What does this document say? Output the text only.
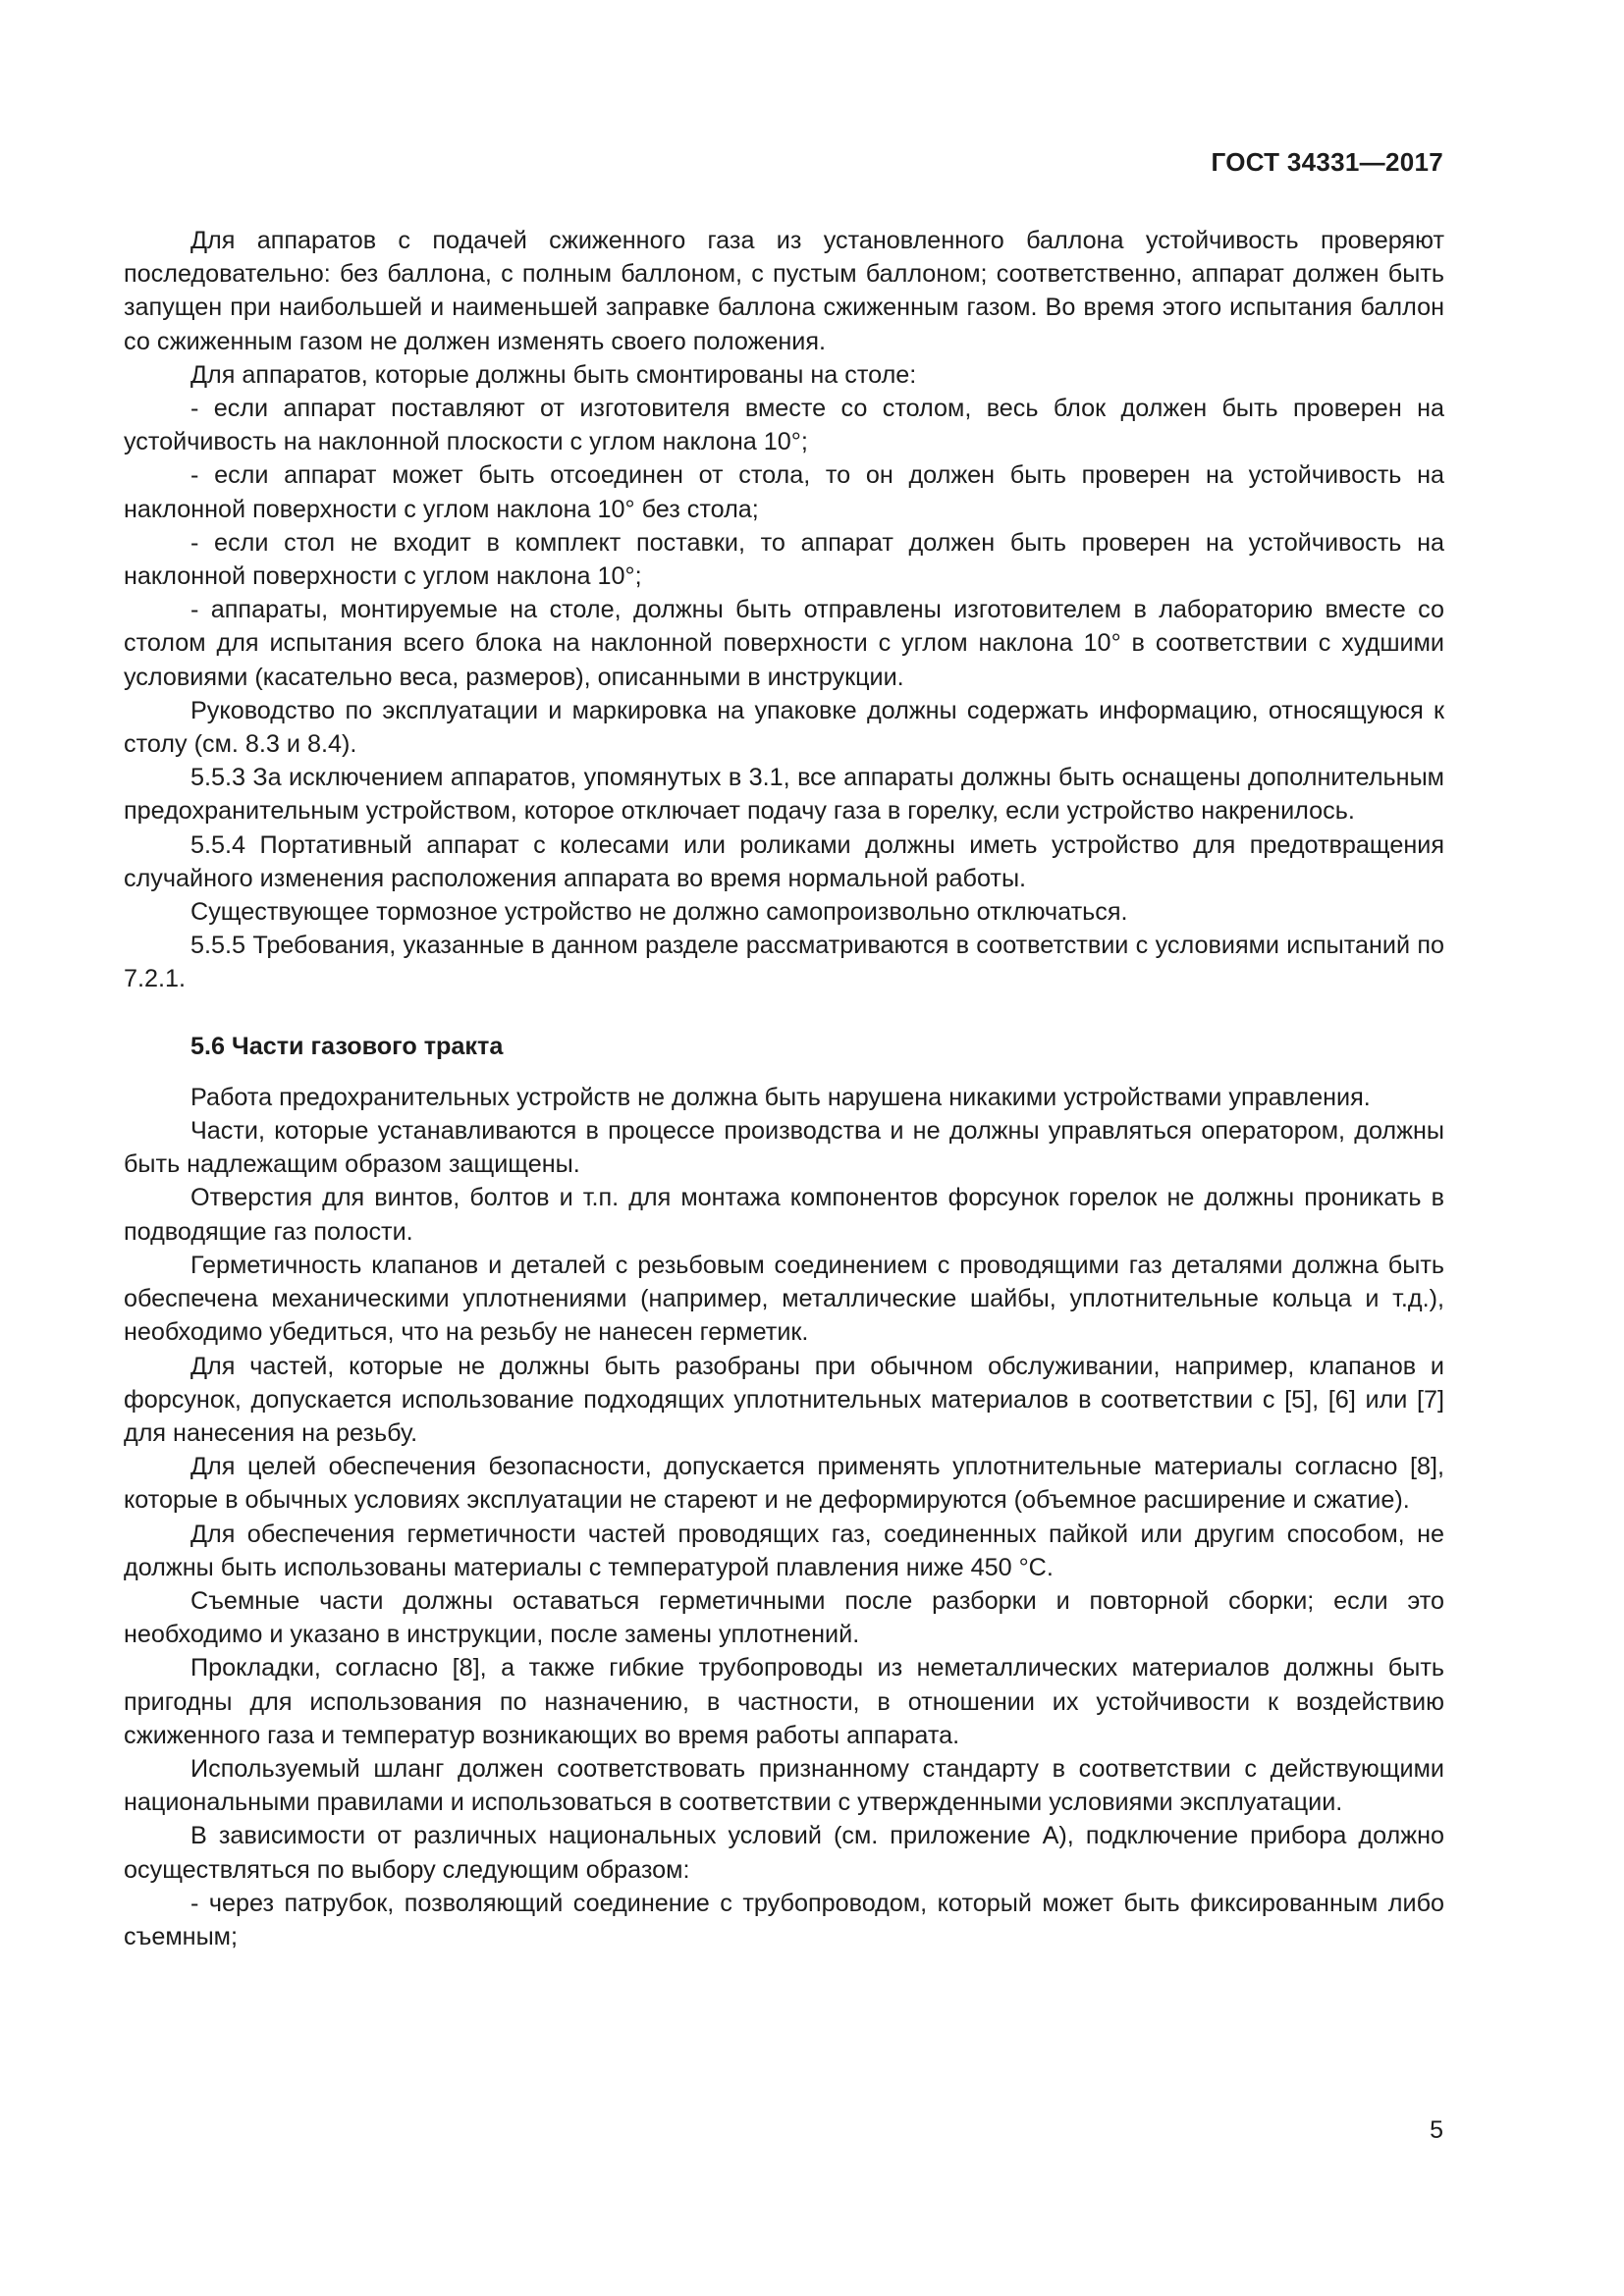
ГОСТ 34331—2017

Для аппаратов с подачей сжиженного газа из установленного баллона устойчивость проверяют последовательно: без баллона, с полным баллоном, с пустым баллоном; соответственно, аппарат должен быть запущен при наибольшей и наименьшей заправке баллона сжиженным газом. Во время этого испытания баллон со сжиженным газом не должен изменять своего положения.

Для аппаратов, которые должны быть смонтированы на столе:

- если аппарат поставляют от изготовителя вместе со столом, весь блок должен быть проверен на устойчивость на наклонной плоскости с углом наклона 10°;

- если аппарат может быть отсоединен от стола, то он должен быть проверен на устойчивость на наклонной поверхности с углом наклона 10° без стола;

- если стол не входит в комплект поставки, то аппарат должен быть проверен на устойчивость на наклонной поверхности с углом наклона 10°;

- аппараты, монтируемые на столе, должны быть отправлены изготовителем в лабораторию вместе со столом для испытания всего блока на наклонной поверхности с углом наклона 10° в соответствии с худшими условиями (касательно веса, размеров), описанными в инструкции.

Руководство по эксплуатации и маркировка на упаковке должны содержать информацию, относящуюся к столу (см. 8.3 и 8.4).

5.5.3 За исключением аппаратов, упомянутых в 3.1, все аппараты должны быть оснащены дополнительным предохранительным устройством, которое отключает подачу газа в горелку, если устройство накренилось.

5.5.4 Портативный аппарат с колесами или роликами должны иметь устройство для предотвращения случайного изменения расположения аппарата во время нормальной работы.

Существующее тормозное устройство не должно самопроизвольно отключаться.

5.5.5 Требования, указанные в данном разделе рассматриваются в соответствии с условиями испытаний по 7.2.1.

5.6 Части газового тракта

Работа предохранительных устройств не должна быть нарушена никакими устройствами управления.

Части, которые устанавливаются в процессе производства и не должны управляться оператором, должны быть надлежащим образом защищены.

Отверстия для винтов, болтов и т.п. для монтажа компонентов форсунок горелок не должны проникать в подводящие газ полости.

Герметичность клапанов и деталей с резьбовым соединением с проводящими газ деталями должна быть обеспечена механическими уплотнениями (например, металлические шайбы, уплотнительные кольца и т.д.), необходимо убедиться, что на резьбу не нанесен герметик.

Для частей, которые не должны быть разобраны при обычном обслуживании, например, клапанов и форсунок, допускается использование подходящих уплотнительных материалов в соответствии с [5], [6] или [7] для нанесения на резьбу.

Для целей обеспечения безопасности, допускается применять уплотнительные материалы согласно [8], которые в обычных условиях эксплуатации не стареют и не деформируются (объемное расширение и сжатие).

Для обеспечения герметичности частей проводящих газ, соединенных пайкой или другим способом, не должны быть использованы материалы с температурой плавления ниже 450 °С.

Съемные части должны оставаться герметичными после разборки и повторной сборки; если это необходимо и указано в инструкции, после замены уплотнений.

Прокладки, согласно [8], а также гибкие трубопроводы из неметаллических материалов должны быть пригодны для использования по назначению, в частности, в отношении их устойчивости к воздействию сжиженного газа и температур возникающих во время работы аппарата.

Используемый шланг должен соответствовать признанному стандарту в соответствии с действующими национальными правилами и использоваться в соответствии с утвержденными условиями эксплуатации.

В зависимости от различных национальных условий (см. приложение А), подключение прибора должно осуществляться по выбору следующим образом:

- через патрубок, позволяющий соединение с трубопроводом, который может быть фиксированным либо съемным;

5
